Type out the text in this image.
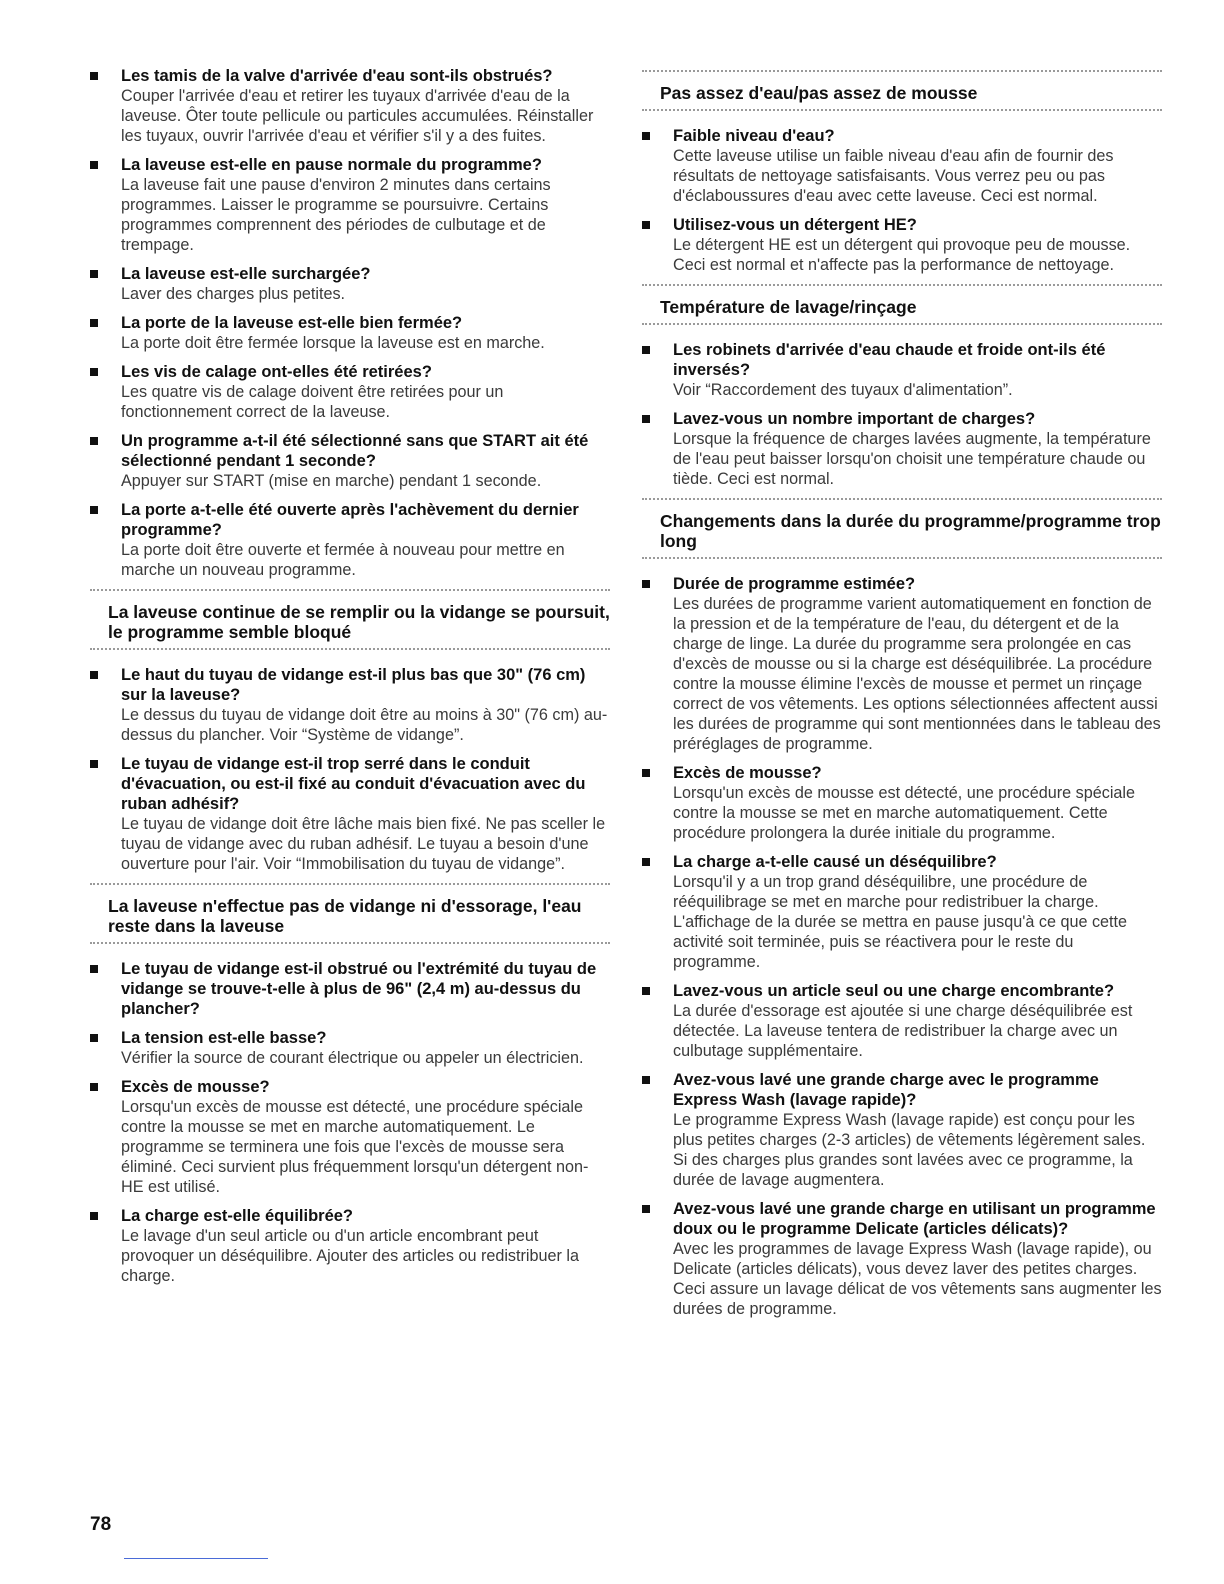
Les tamis de la valve d'arrivée d'eau sont-ils obstrués?
Couper l'arrivée d'eau et retirer les tuyaux d'arrivée d'eau de la laveuse. Ôter toute pellicule ou particules accumulées. Réinstaller les tuyaux, ouvrir l'arrivée d'eau et vérifier s'il y a des fuites.
La laveuse est-elle en pause normale du programme?
La laveuse fait une pause d'environ 2 minutes dans certains programmes. Laisser le programme se poursuivre. Certains programmes comprennent des périodes de culbutage et de trempage.
La laveuse est-elle surchargée?
Laver des charges plus petites.
La porte de la laveuse est-elle bien fermée?
La porte doit être fermée lorsque la laveuse est en marche.
Les vis de calage ont-elles été retirées?
Les quatre vis de calage doivent être retirées pour un fonctionnement correct de la laveuse.
Un programme a-t-il été sélectionné sans que START ait été sélectionné pendant 1 seconde?
Appuyer sur START (mise en marche) pendant 1 seconde.
La porte a-t-elle été ouverte après l'achèvement du dernier programme?
La porte doit être ouverte et fermée à nouveau pour mettre en marche un nouveau programme.
La laveuse continue de se remplir ou la vidange se poursuit, le programme semble bloqué
Le haut du tuyau de vidange est-il plus bas que 30" (76 cm) sur la laveuse?
Le dessus du tuyau de vidange doit être au moins à 30" (76 cm) au-dessus du plancher. Voir “Système de vidange”.
Le tuyau de vidange est-il trop serré dans le conduit d'évacuation, ou est-il fixé au conduit d'évacuation avec du ruban adhésif?
Le tuyau de vidange doit être lâche mais bien fixé. Ne pas sceller le tuyau de vidange avec du ruban adhésif. Le tuyau a besoin d'une ouverture pour l'air. Voir “Immobilisation du tuyau de vidange”.
La laveuse n'effectue pas de vidange ni d'essorage, l'eau reste dans la laveuse
Le tuyau de vidange est-il obstrué ou l'extrémité du tuyau de vidange se trouve-t-elle à plus de 96" (2,4 m) au-dessus du plancher?
La tension est-elle basse?
Vérifier la source de courant électrique ou appeler un électricien.
Excès de mousse?
Lorsqu'un excès de mousse est détecté, une procédure spéciale contre la mousse se met en marche automatiquement. Le programme se terminera une fois que l'excès de mousse sera éliminé. Ceci survient plus fréquemment lorsqu'un détergent non-HE est utilisé.
La charge est-elle équilibrée?
Le lavage d'un seul article ou d'un article encombrant peut provoquer un déséquilibre. Ajouter des articles ou redistribuer la charge.
Pas assez d'eau/pas assez de mousse
Faible niveau d'eau?
Cette laveuse utilise un faible niveau d'eau afin de fournir des résultats de nettoyage satisfaisants. Vous verrez peu ou pas d'éclaboussures d'eau avec cette laveuse. Ceci est normal.
Utilisez-vous un détergent HE?
Le détergent HE est un détergent qui provoque peu de mousse. Ceci est normal et n'affecte pas la performance de nettoyage.
Température de lavage/rinçage
Les robinets d'arrivée d'eau chaude et froide ont-ils été inversés?
Voir “Raccordement des tuyaux d'alimentation”.
Lavez-vous un nombre important de charges?
Lorsque la fréquence de charges lavées augmente, la température de l'eau peut baisser lorsqu'on choisit une température chaude ou tiède. Ceci est normal.
Changements dans la durée du programme/programme trop long
Durée de programme estimée?
Les durées de programme varient automatiquement en fonction de la pression et de la température de l'eau, du détergent et de la charge de linge. La durée du programme sera prolongée en cas d'excès de mousse ou si la charge est déséquilibrée. La procédure contre la mousse élimine l'excès de mousse et permet un rinçage correct de vos vêtements. Les options sélectionnées affectent aussi les durées de programme qui sont mentionnées dans le tableau des préréglages de programme.
Excès de mousse?
Lorsqu'un excès de mousse est détecté, une procédure spéciale contre la mousse se met en marche automatiquement. Cette procédure prolongera la durée initiale du programme.
La charge a-t-elle causé un déséquilibre?
Lorsqu'il y a un trop grand déséquilibre, une procédure de rééquilibrage se met en marche pour redistribuer la charge. L'affichage de la durée se mettra en pause jusqu'à ce que cette activité soit terminée, puis se réactivera pour le reste du programme.
Lavez-vous un article seul ou une charge encombrante?
La durée d'essorage est ajoutée si une charge déséquilibrée est détectée. La laveuse tentera de redistribuer la charge avec un culbutage supplémentaire.
Avez-vous lavé une grande charge avec le programme Express Wash (lavage rapide)?
Le programme Express Wash (lavage rapide) est conçu pour les plus petites charges (2-3 articles) de vêtements légèrement sales. Si des charges plus grandes sont lavées avec ce programme, la durée de lavage augmentera.
Avez-vous lavé une grande charge en utilisant un programme doux ou le programme Delicate (articles délicats)?
Avec les programmes de lavage Express Wash (lavage rapide), ou Delicate (articles délicats), vous devez laver des petites charges. Ceci assure un lavage délicat de vos vêtements sans augmenter les durées de programme.
78
